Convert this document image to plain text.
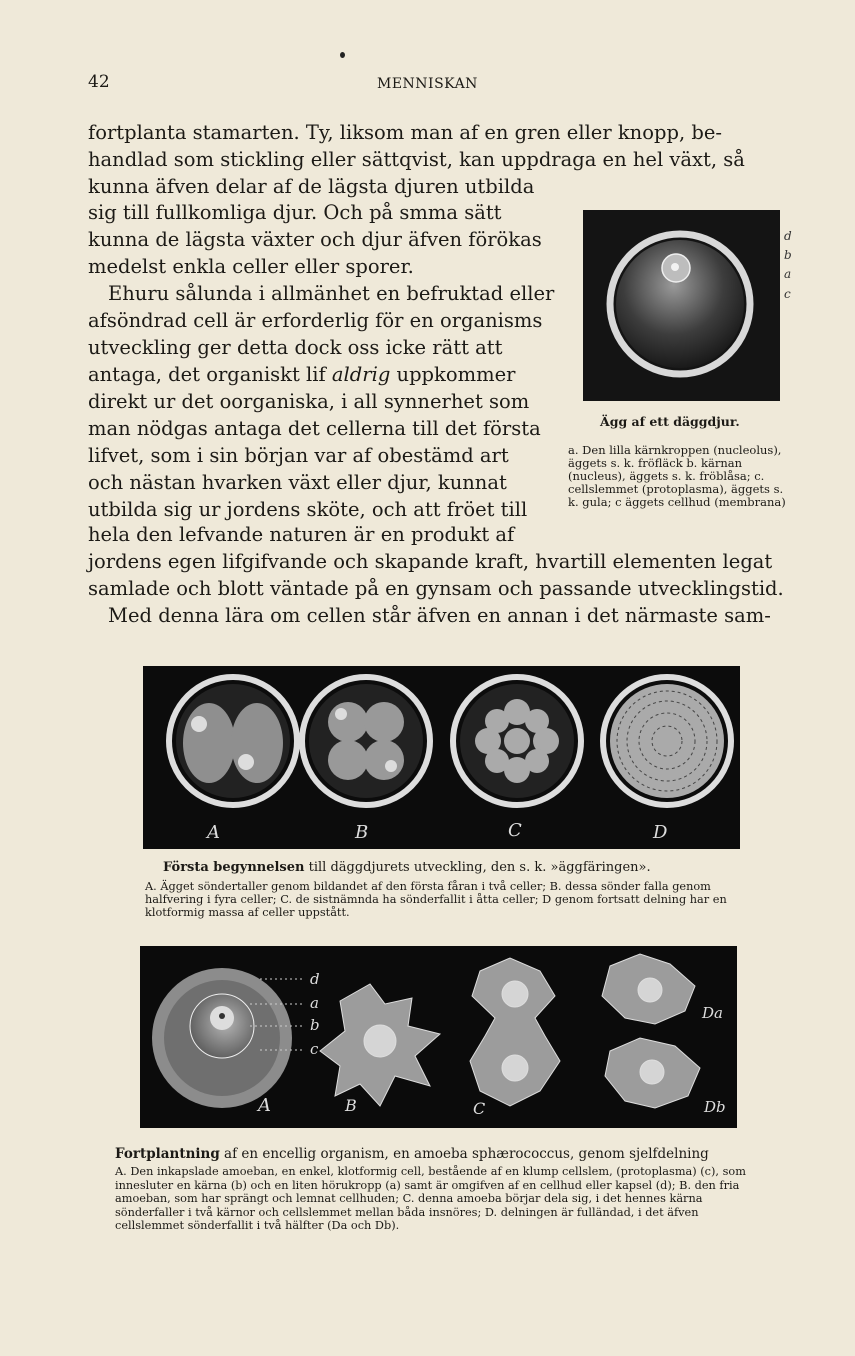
42	MENNISKAN
fortplanta stamarten. Ty, liksom man af en gren eller knopp, be-
handlad som stickling eller sättqvist, kan uppdraga en hel växt, så
kunna äfven delar af de lägsta djuren utbilda
sig till fullkomliga djur. Och på smma sätt
kunna de lägsta växter och djur äfven förökas
medelst enkla celler eller sporer.
Ehuru sålunda i allmänhet en befruktad eller
afsöndrad cell är erforderlig för en organisms
utveckling ger detta dock oss icke rätt att
antaga, det organiskt lif aldrig uppkommer
direkt ur det oorganiska, i all synnerhet som
man nödgas antaga det cellerna till det första
lifvet, som i sin början var af obestämd art
och nästan hvarken växt eller djur, kunnat
utbilda sig ur jordens sköte, och att fröet till
hela den lefvande naturen är en produkt af
jordens egen lifgifvande och skapande kraft, hvartill elementen legat
samlade och blott väntade på en gynsam och passande utvecklingstid.
Med denna lära om cellen står äfven en annan i det närmaste sam-
d
b
a
c
Ägg af ett däggdjur.
a. Den lilla kärnkroppen (nucleolus), äggets s. k. fröfläck b. kärnan (nucleus), äggets s. k. fröblåsa; c. cellslemmet (protoplasma), äggets s. k. gula; c äggets cellhud (membrana)
A	B	C	D
Första begynnelsen till däggdjurets utveckling, den s. k. »äggfäringen».
A. Ägget söndertaller genom bildandet af den första fåran i två celler; B. dessa sönder falla genom halfvering i fyra celler; C. de sistnämnda ha sönderfallit i åtta celler; D genom fortsatt delning har en klotformig massa af celler uppstått.
d
a
b
c
A	B	C
Da
Db
Fortplantning af en encellig organism, en amoeba sphærococcus, genom sjelfdelning
A. Den inkapslade amoeban, en enkel, klotformig cell, bestående af en klump cellslem, (protoplasma) (c), som innesluter en kärna (b) och en liten hörukropp (a) samt är omgifven af en cellhud eller kapsel (d); B. den fria amoeban, som har sprängt och lemnat cellhuden; C. denna amoeba börjar dela sig, i det hennes kärna sönderfaller i två kärnor och cellslemmet mellan båda insnöres; D. delningen är fulländad, i det äfven cellslemmet sönderfallit i två hälfter (Da och Db).
